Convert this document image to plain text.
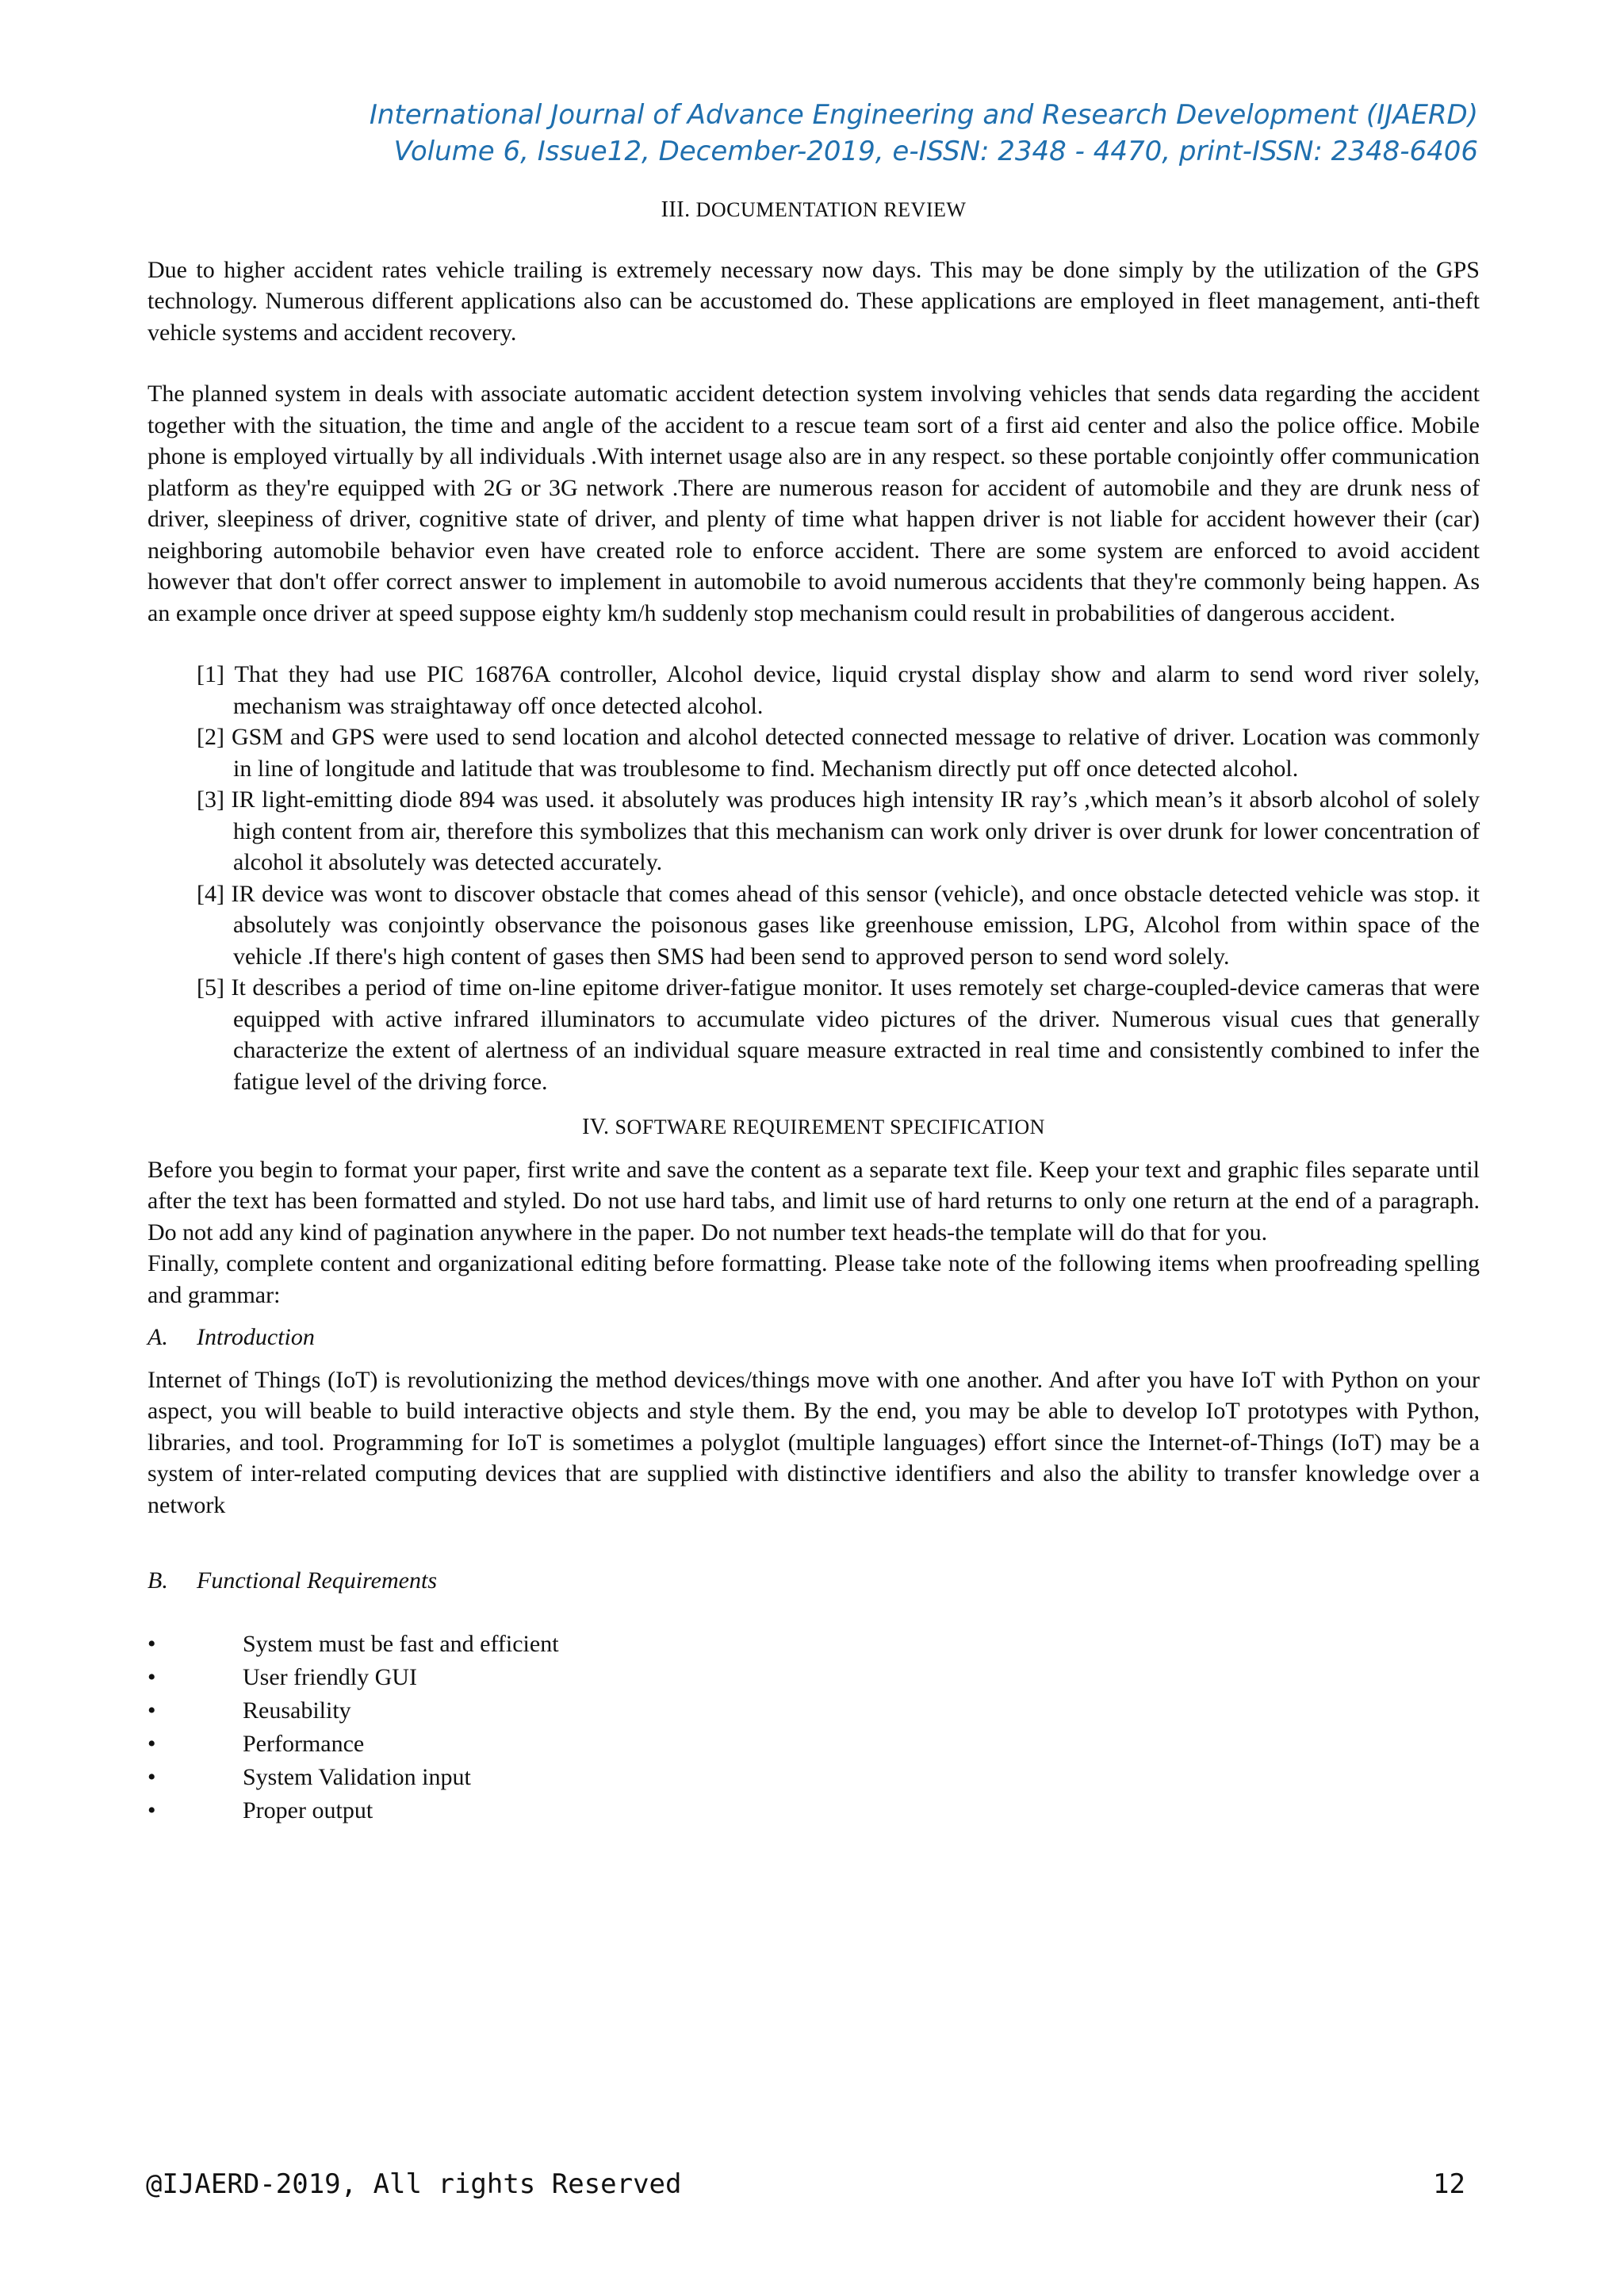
International Journal of Advance Engineering and Research Development (IJAERD)
Volume 6, Issue12, December-2019, e-ISSN: 2348 - 4470, print-ISSN: 2348-6406
III. DOCUMENTATION REVIEW

Due to higher accident rates vehicle trailing is extremely necessary now days. This may be done simply by the utilization of the GPS technology. Numerous different applications also can be accustomed do. These applications are employed in fleet management, anti-theft vehicle systems and accident recovery.

The planned system in deals with associate automatic accident detection system involving vehicles that sends data regarding the accident together with the situation, the time and angle of the accident to a rescue team sort of a first aid center and also the police office. Mobile phone is employed virtually by all individuals .With internet usage also are in any respect. so these portable conjointly offer communication platform as they're equipped with 2G or 3G network .There are numerous reason for accident of automobile and they are drunk ness of driver, sleepiness of driver, cognitive state of driver, and plenty of time what happen driver is not liable for accident however their (car) neighboring automobile behavior even have created role to enforce accident. There are some system are enforced to avoid accident however that don't offer correct answer to implement in automobile to avoid numerous accidents that they're commonly being happen. As an example once driver at speed suppose eighty km/h suddenly stop mechanism could result in probabilities of dangerous accident.

[1] That they had use PIC 16876A controller, Alcohol device, liquid crystal display show and alarm to send word river solely, mechanism was straightaway off once detected alcohol.

[2] GSM and GPS were used to send location and alcohol detected connected message to relative of driver. Location was commonly in line of longitude and latitude that was troublesome to find. Mechanism directly put off once detected alcohol.

[3] IR light-emitting diode 894 was used. it absolutely was produces high intensity IR ray’s ,which mean’s it absorb alcohol of solely high content from air, therefore this symbolizes that this mechanism can work only driver is over drunk for lower concentration of alcohol it absolutely was detected accurately.

[4] IR device was wont to discover obstacle that comes ahead of this sensor (vehicle), and once obstacle detected vehicle was stop. it absolutely was conjointly observance the poisonous gases like greenhouse emission, LPG, Alcohol from within space of the vehicle .If there's high content of gases then SMS had been send to approved person to send word solely.

[5] It describes a period of time on-line epitome driver-fatigue monitor. It uses remotely set charge-coupled-device cameras that were equipped with active infrared illuminators to accumulate video pictures of the driver. Numerous visual cues that generally characterize the extent of alertness of an individual square measure extracted in real time and consistently combined to infer the fatigue level of the driving force.

IV. SOFTWARE REQUIREMENT SPECIFICATION

Before you begin to format your paper, first write and save the content as a separate text file. Keep your text and graphic files separate until after the text has been formatted and styled. Do not use hard tabs, and limit use of hard returns to only one return at the end of a paragraph. Do not add any kind of pagination anywhere in the paper. Do not number text heads-the template will do that for you.

Finally, complete content and organizational editing before formatting. Please take note of the following items when proofreading spelling and grammar:

A. Introduction

Internet of Things (IoT) is revolutionizing the method devices/things move with one another. And after you have IoT with Python on your aspect, you will beable to build interactive objects and style them. By the end, you may be able to develop IoT prototypes with Python, libraries, and tool. Programming for IoT is sometimes a polyglot (multiple languages) effort since the Internet-of-Things (IoT) may be a system of inter-related computing devices that are supplied with distinctive identifiers and also the ability to transfer knowledge over a network

B. Functional Requirements
•	System must be fast and efficient
•	User friendly GUI
•	Reusability
•	Performance
•	System Validation input
•	Proper output
@IJAERD-2019, All rights Reserved	12
